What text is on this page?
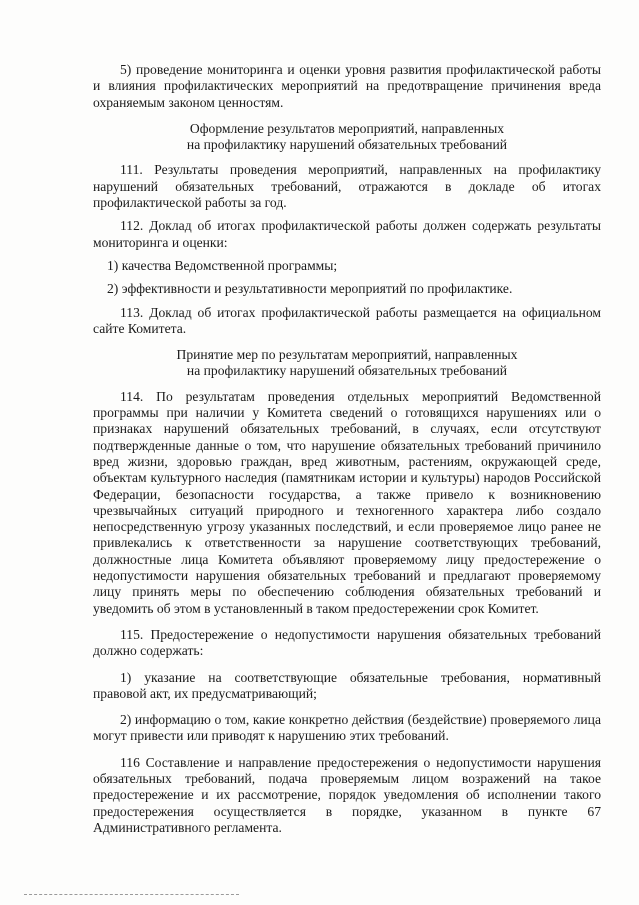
5) проведение мониторинга и оценки уровня развития профилактической работы и влияния профилактических мероприятий на предотвращение причинения вреда охраняемым законом ценностям.

Оформление результатов мероприятий, направленных
на профилактику нарушений обязательных требований

111. Результаты проведения мероприятий, направленных на профилактику нарушений обязательных требований, отражаются в докладе об итогах профилактической работы за год.

112. Доклад об итогах профилактической работы должен содержать результаты мониторинга и оценки:

1) качества Ведомственной программы;

2) эффективности и результативности мероприятий по профилактике.

113. Доклад об итогах профилактической работы размещается на официальном сайте Комитета.

Принятие мер по результатам мероприятий, направленных
на профилактику нарушений обязательных требований

114. По результатам проведения отдельных мероприятий Ведомственной программы при наличии у Комитета сведений о готовящихся нарушениях или о признаках нарушений обязательных требований, в случаях, если отсутствуют подтвержденные данные о том, что нарушение обязательных требований причинило вред жизни, здоровью граждан, вред животным, растениям, окружающей среде, объектам культурного наследия (памятникам истории и культуры) народов Российской Федерации, безопасности государства, а также привело к возникновению чрезвычайных ситуаций природного и техногенного характера либо создало непосредственную угрозу указанных последствий, и если проверяемое лицо ранее не привлекались к ответственности за нарушение соответствующих требований, должностные лица Комитета объявляют проверяемому лицу предостережение о недопустимости нарушения обязательных требований и предлагают проверяемому лицу принять меры по обеспечению соблюдения обязательных требований и уведомить об этом в установленный в таком предостережении срок Комитет.

115. Предостережение о недопустимости нарушения обязательных требований должно содержать:

1) указание на соответствующие обязательные требования, нормативный правовой акт, их предусматривающий;

2) информацию о том, какие конкретно действия (бездействие) проверяемого лица могут привести или приводят к нарушению этих требований.

116 Составление и направление предостережения о недопустимости нарушения обязательных требований, подача проверяемым лицом возражений на такое предостережение и их рассмотрение, порядок уведомления об исполнении такого предостережения осуществляется в порядке, указанном в пункте 67 Административного регламента.
